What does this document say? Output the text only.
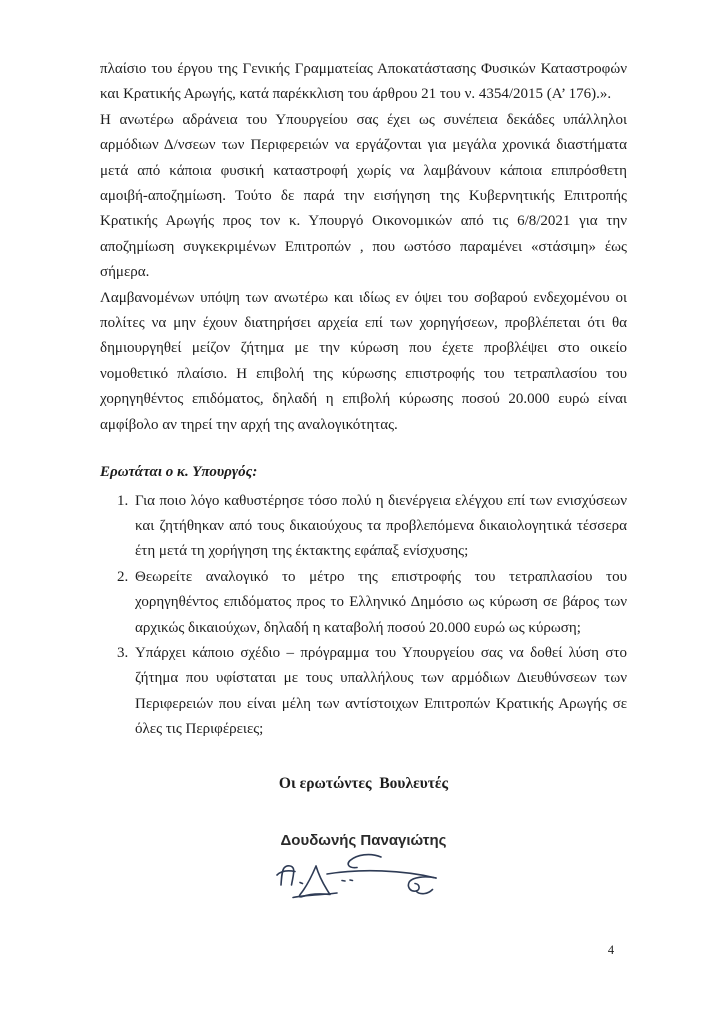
πλαίσιο του έργου της Γενικής Γραμματείας Αποκατάστασης Φυσικών Καταστροφών και Κρατικής Αρωγής, κατά παρέκκλιση του άρθρου 21 του ν. 4354/2015 (Α’ 176).».

Η ανωτέρω αδράνεια του Υπουργείου σας έχει ως συνέπεια δεκάδες υπάλληλοι αρμόδιων Δ/νσεων των Περιφερειών να εργάζονται για μεγάλα χρονικά διαστήματα μετά από κάποια φυσική καταστροφή χωρίς να λαμβάνουν κάποια επιπρόσθετη αμοιβή-αποζημίωση. Τούτο δε παρά την εισήγηση της Κυβερνητικής Επιτροπής Κρατικής Αρωγής προς τον κ. Υπουργό Οικονομικών από τις 6/8/2021 για την αποζημίωση συγκεκριμένων Επιτροπών , που ωστόσο παραμένει «στάσιμη» έως σήμερα.

Λαμβανομένων υπόψη των ανωτέρω και ιδίως εν όψει του σοβαρού ενδεχομένου οι πολίτες να μην έχουν διατηρήσει αρχεία επί των χορηγήσεων, προβλέπεται ότι θα δημιουργηθεί μείζον ζήτημα με την κύρωση που έχετε προβλέψει στο οικείο νομοθετικό πλαίσιο. Η επιβολή της κύρωσης επιστροφής του τετραπλασίου του χορηγηθέντος επιδόματος, δηλαδή η επιβολή κύρωσης ποσού 20.000 ευρώ είναι αμφίβολο αν τηρεί την αρχή της αναλογικότητας.

Ερωτάται ο κ. Υπουργός:

1. Για ποιο λόγο καθυστέρησε τόσο πολύ η διενέργεια ελέγχου επί των ενισχύσεων και ζητήθηκαν από τους δικαιούχους τα προβλεπόμενα δικαιολογητικά τέσσερα έτη μετά τη χορήγηση της έκτακτης εφάπαξ ενίσχυσης;
2. Θεωρείτε αναλογικό το μέτρο της επιστροφής του τετραπλασίου του χορηγηθέντος επιδόματος προς το Ελληνικό Δημόσιο ως κύρωση σε βάρος των αρχικώς δικαιούχων, δηλαδή η καταβολή ποσού 20.000 ευρώ ως κύρωση;
3. Υπάρχει κάποιο σχέδιο – πρόγραμμα του Υπουργείου σας να δοθεί λύση στο ζήτημα που υφίσταται με τους υπαλλήλους των αρμόδιων Διευθύνσεων των Περιφερειών που είναι μέλη των αντίστοιχων Επιτροπών Κρατικής Αρωγής σε όλες τις Περιφέρειες;
Οι ερωτώντες  Βουλευτές
Δουδωνής Παναγιώτης
4
